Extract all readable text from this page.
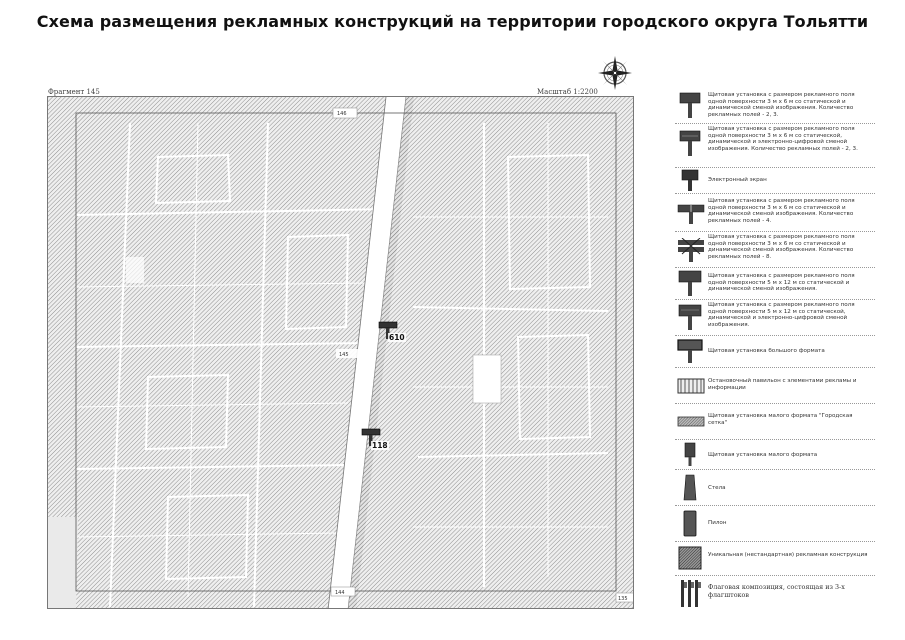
Схема размещения рекламных конструкций на территории городского округа Тольятти
Фрагмент 145	Масштаб 1:2200
146
145
144
135
610
118
Щитовая установка с размером рекламного поля одной поверхности 3 м х 6 м со статической и динамической сменой изображения. Количество рекламных полей - 2, 3.
Щитовая установка с размером рекламного поля одной поверхности 3 м х 6 м со статической, динамической и электронно-цифровой сменой изображения. Количество рекламных полей - 2, 3.
Электронный экран
Щитовая установка с размером рекламного поля одной поверхности 3 м х 6 м со статической и динамической сменой изображения. Количество рекламных полей - 4.
Щитовая установка с размером рекламного поля одной поверхности 3 м х 6 м со статической и динамической сменой изображения. Количество рекламных полей - 8.
Щитовая установка с размером рекламного поля одной поверхности 5 м х 12 м со статической и динамической сменой изображения.
Щитовая установка с размером рекламного поля одной поверхности 5 м х 12 м со статической, динамической и электронно-цифровой сменой изображения.
Щитовая установка большого формата
Остановочный павильон с элементами рекламы и информации
Щитовая установка малого формата "Городская сетка"
Щитовая установка малого формата
Стела
Пилон
Уникальная (нестандартная) рекламная конструкция
Флаговая композиция, состоящая из 3-х флагштоков
